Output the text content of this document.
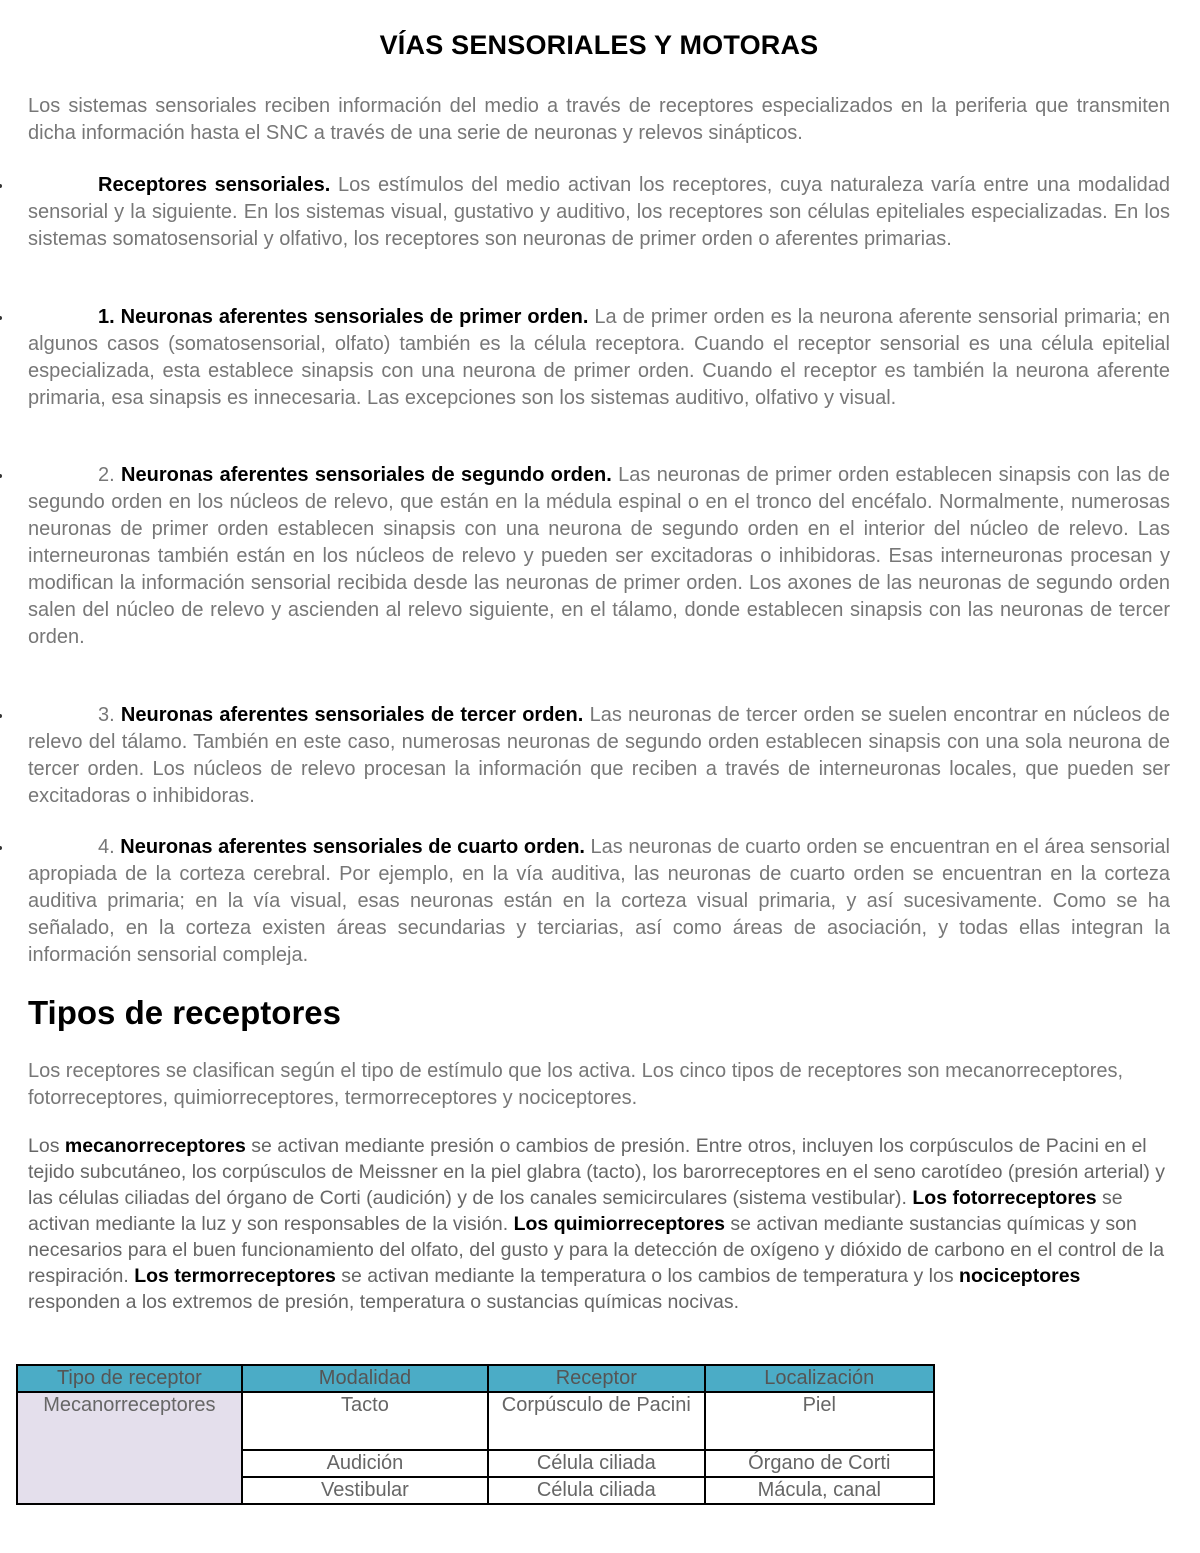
VÍAS SENSORIALES Y MOTORAS

Los sistemas sensoriales reciben información del medio a través de receptores especializados en la periferia que transmiten dicha información hasta el SNC a través de una serie de neuronas y relevos sinápticos.

Receptores sensoriales. Los estímulos del medio activan los receptores, cuya naturaleza varía entre una modalidad sensorial y la siguiente. En los sistemas visual, gustativo y auditivo, los receptores son células epiteliales especializadas. En los sistemas somatosensorial y olfativo, los receptores son neuronas de primer orden o aferentes primarias.
1. Neuronas aferentes sensoriales de primer orden. La de primer orden es la neurona aferente sensorial primaria; en algunos casos (somatosensorial, olfato) también es la célula receptora. Cuando el receptor sensorial es una célula epitelial especializada, esta establece sinapsis con una neurona de primer orden. Cuando el receptor es también la neurona aferente primaria, esa sinapsis es innecesaria. Las excepciones son los sistemas auditivo, olfativo y visual.
2. Neuronas aferentes sensoriales de segundo orden. Las neuronas de primer orden establecen sinapsis con las de segundo orden en los núcleos de relevo, que están en la médula espinal o en el tronco del encéfalo. Normalmente, numerosas neuronas de primer orden establecen sinapsis con una neurona de segundo orden en el interior del núcleo de relevo. Las interneuronas también están en los núcleos de relevo y pueden ser excitadoras o inhibidoras. Esas interneuronas procesan y modifican la información sensorial recibida desde las neuronas de primer orden. Los axones de las neuronas de segundo orden salen del núcleo de relevo y ascienden al relevo siguiente, en el tálamo, donde establecen sinapsis con las neuronas de tercer orden.
3. Neuronas aferentes sensoriales de tercer orden. Las neuronas de tercer orden se suelen encontrar en núcleos de relevo del tálamo. También en este caso, numerosas neuronas de segundo orden establecen sinapsis con una sola neurona de tercer orden. Los núcleos de relevo procesan la información que reciben a través de interneuronas locales, que pueden ser excitadoras o inhibidoras.
4. Neuronas aferentes sensoriales de cuarto orden. Las neuronas de cuarto orden se encuentran en el área sensorial apropiada de la corteza cerebral. Por ejemplo, en la vía auditiva, las neuronas de cuarto orden se encuentran en la corteza auditiva primaria; en la vía visual, esas neuronas están en la corteza visual primaria, y así sucesivamente. Como se ha señalado, en la corteza existen áreas secundarias y terciarias, así como áreas de asociación, y todas ellas integran la información sensorial compleja.
Tipos de receptores

Los receptores se clasifican según el tipo de estímulo que los activa. Los cinco tipos de receptores son mecanorreceptores, fotorreceptores, quimiorreceptores, termorreceptores y nociceptores.

Los mecanorreceptores se activan mediante presión o cambios de presión. Entre otros, incluyen los corpúsculos de Pacini en el tejido subcutáneo, los corpúsculos de Meissner en la piel glabra (tacto), los barorreceptores en el seno carotídeo (presión arterial) y las células ciliadas del órgano de Corti (audición) y de los canales semicirculares (sistema vestibular). Los fotorreceptores se activan mediante la luz y son responsables de la visión. Los quimiorreceptores se activan mediante sustancias químicas y son necesarios para el buen funcionamiento del olfato, del gusto y para la detección de oxígeno y dióxido de carbono en el control de la respiración. Los termorreceptores se activan mediante la temperatura o los cambios de temperatura y los nociceptores responden a los extremos de presión, temperatura o sustancias químicas nocivas.

Tipo de receptor	Modalidad	Receptor	Localización
Mecanorreceptores	Tacto	Corpúsculo de Pacini	Piel
	Audición	Célula ciliada	Órgano de Corti
	Vestibular	Célula ciliada	Mácula, canal
